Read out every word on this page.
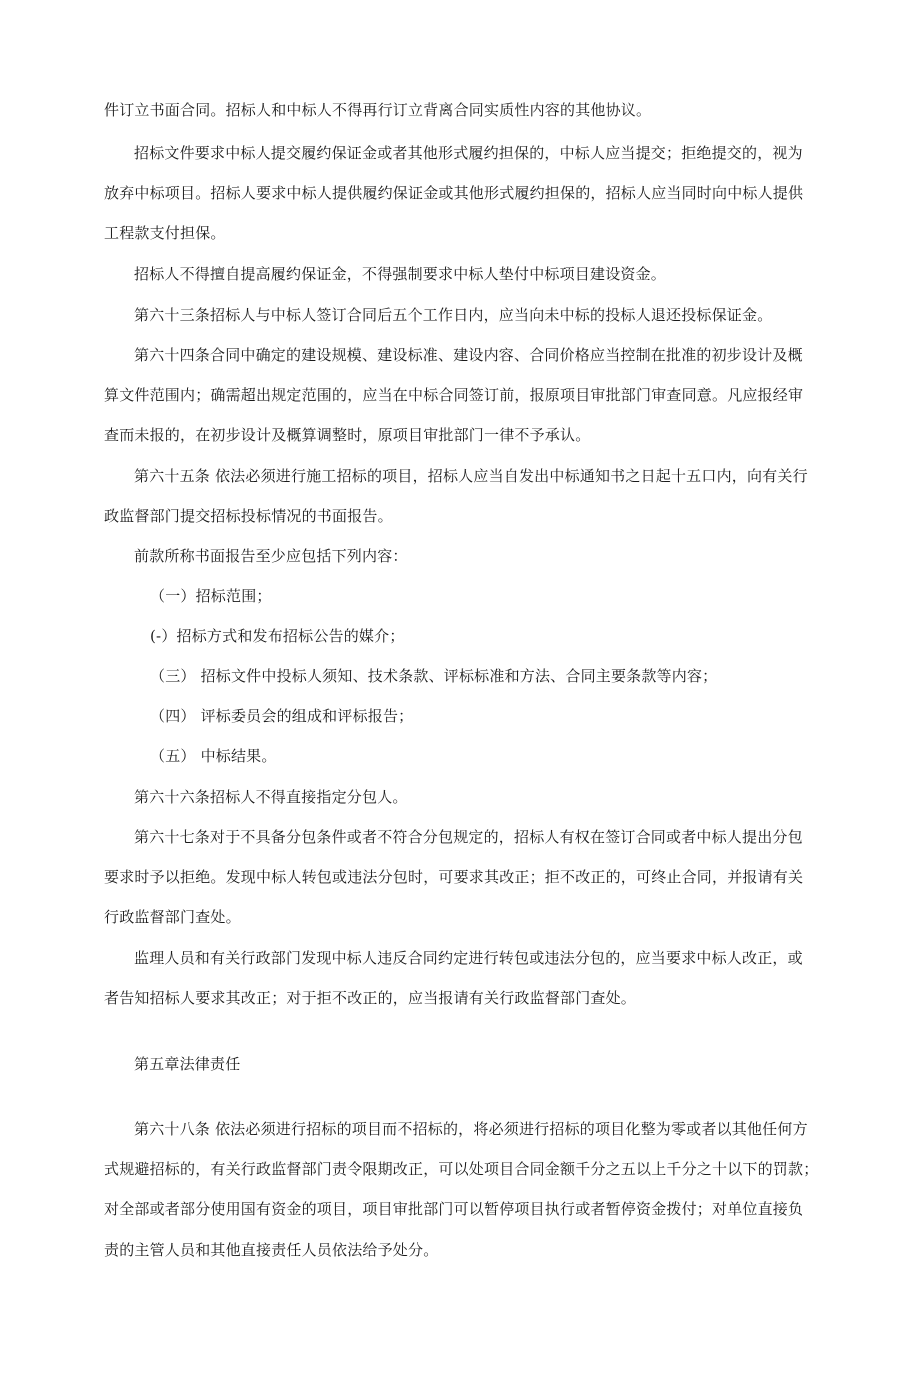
件订立书面合同。招标人和中标人不得再行订立背离合同实质性内容的其他协议。
招标文件要求中标人提交履约保证金或者其他形式履约担保的，中标人应当提交；拒绝提交的，视为
放弃中标项目。招标人要求中标人提供履约保证金或其他形式履约担保的，招标人应当同时向中标人提供
工程款支付担保。
招标人不得擅自提高履约保证金，不得强制要求中标人垫付中标项目建设资金。
第六十三条招标人与中标人签订合同后五个工作日内，应当向未中标的投标人退还投标保证金。
第六十四条合同中确定的建设规模、建设标准、建设内容、合同价格应当控制在批准的初步设计及概
算文件范围内；确需超出规定范围的，应当在中标合同签订前，报原项目审批部门审查同意。凡应报经审
查而未报的，在初步设计及概算调整时，原项目审批部门一律不予承认。
第六十五条 依法必须进行施工招标的项目，招标人应当自发出中标通知书之日起十五口内，向有关行
政监督部门提交招标投标情况的书面报告。
前款所称书面报告至少应包括下列内容：
（一）招标范围；
(-）招标方式和发布招标公告的媒介；
（三） 招标文件中投标人须知、技术条款、评标标准和方法、合同主要条款等内容；
（四） 评标委员会的组成和评标报告；
（五） 中标结果。
第六十六条招标人不得直接指定分包人。
第六十七条对于不具备分包条件或者不符合分包规定的，招标人有权在签订合同或者中标人提出分包
要求时予以拒绝。发现中标人转包或违法分包时，可要求其改正；拒不改正的，可终止合同，并报请有关
行政监督部门查处。
监理人员和有关行政部门发现中标人违反合同约定进行转包或违法分包的，应当要求中标人改正，或
者告知招标人要求其改正；对于拒不改正的，应当报请有关行政监督部门查处。
第五章法律责任
第六十八条 依法必须进行招标的项目而不招标的，将必须进行招标的项目化整为零或者以其他任何方
式规避招标的，有关行政监督部门责令限期改正，可以处项目合同金额千分之五以上千分之十以下的罚款；
对全部或者部分使用国有资金的项目，项目审批部门可以暂停项目执行或者暂停资金拨付；对单位直接负
责的主管人员和其他直接责任人员依法给予处分。
